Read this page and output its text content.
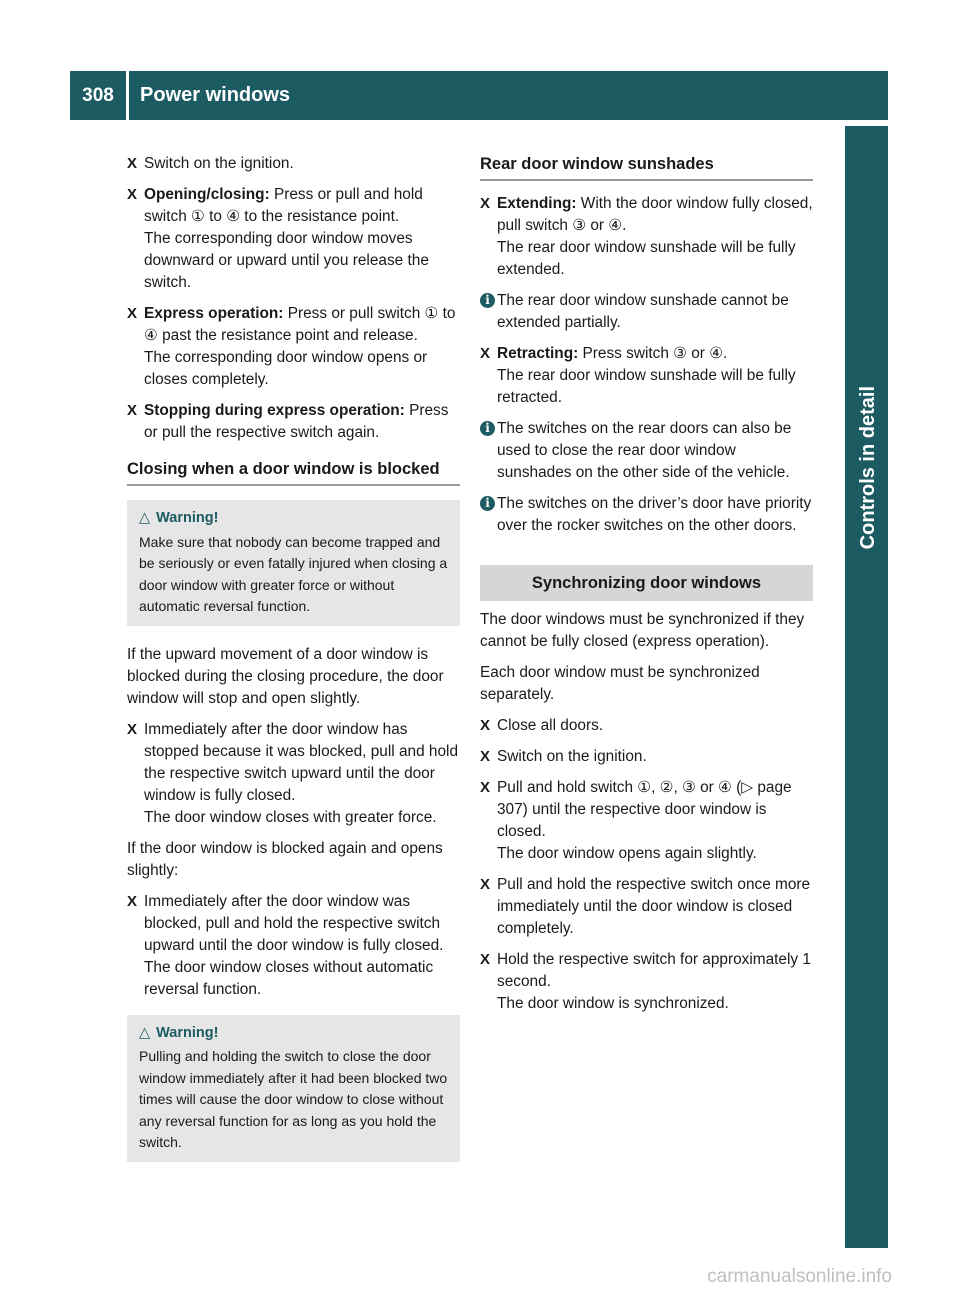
308	Power windows
Controls in detail
X Switch on the ignition.
X Opening/closing: Press or pull and hold switch ① to ④ to the resistance point.
The corresponding door window moves downward or upward until you release the switch.
X Express operation: Press or pull switch ① to ④ past the resistance point and release.
The corresponding door window opens or closes completely.
X Stopping during express operation: Press or pull the respective switch again.
Closing when a door window is blocked
△ Warning!
Make sure that nobody can become trapped and be seriously or even fatally injured when closing a door window with greater force or without automatic reversal function.
If the upward movement of a door window is blocked during the closing procedure, the door window will stop and open slightly.
X Immediately after the door window has stopped because it was blocked, pull and hold the respective switch upward until the door window is fully closed.
The door window closes with greater force.
If the door window is blocked again and opens slightly:
X Immediately after the door window was blocked, pull and hold the respective switch upward until the door window is fully closed.
The door window closes without automatic reversal function.
△ Warning!
Pulling and holding the switch to close the door window immediately after it had been blocked two times will cause the door window to close without any reversal function for as long as you hold the switch.
Rear door window sunshades
X Extending: With the door window fully closed, pull switch ③ or ④.
The rear door window sunshade will be fully extended.
i The rear door window sunshade cannot be extended partially.
X Retracting: Press switch ③ or ④.
The rear door window sunshade will be fully retracted.
i The switches on the rear doors can also be used to close the rear door window sunshades on the other side of the vehicle.
i The switches on the driver’s door have priority over the rocker switches on the other doors.
Synchronizing door windows
The door windows must be synchronized if they cannot be fully closed (express operation).
Each door window must be synchronized separately.
X Close all doors.
X Switch on the ignition.
X Pull and hold switch ①, ②, ③ or ④ (▷ page 307) until the respective door window is closed.
The door window opens again slightly.
X Pull and hold the respective switch once more immediately until the door window is closed completely.
X Hold the respective switch for approximately 1 second.
The door window is synchronized.
carmanualsonline.info
